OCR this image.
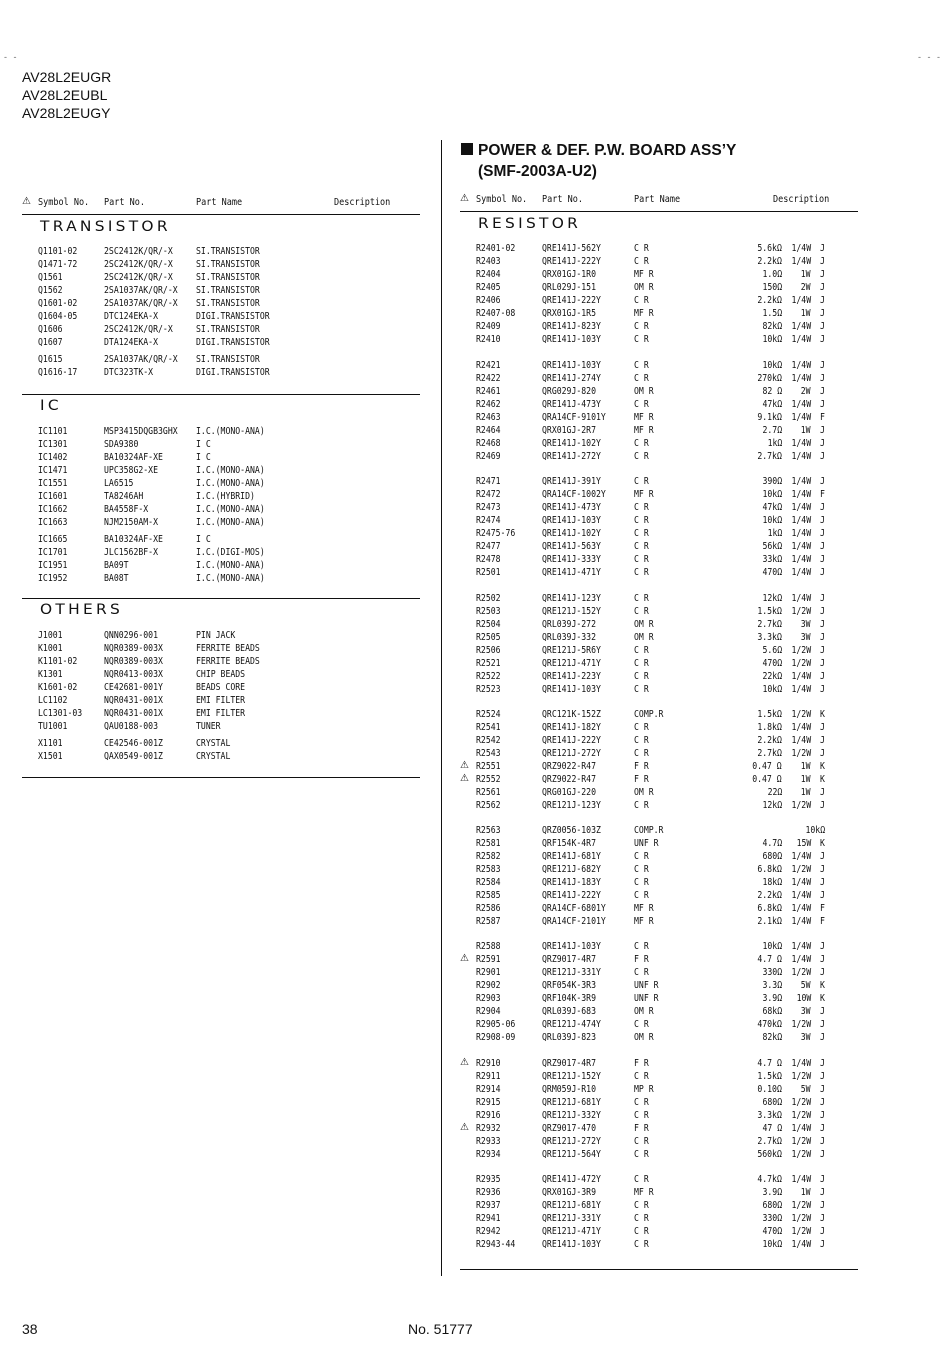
- -	- - -
AV28L2EUGR
AV28L2EUBL
AV28L2EUGY
POWER & DEF. P.W. BOARD ASS’Y
(SMF-2003A-U2)
⚠ Symbol No. Part No.	Part Name	Description
TRANSISTOR
Q1101-02	2SC2412K/QR/-X SI.TRANSISTOR
Q1471-72	2SC2412K/QR/-X SI.TRANSISTOR
Q1561	2SC2412K/QR/-X SI.TRANSISTOR
Q1562	2SA1037AK/QR/-X SI.TRANSISTOR
Q1601-02	2SA1037AK/QR/-X SI.TRANSISTOR
Q1604-05	DTC124EKA-X	DIGI.TRANSISTOR
Q1606	2SC2412K/QR/-X SI.TRANSISTOR
Q1607	DTA124EKA-X	DIGI.TRANSISTOR
Q1615	2SA1037AK/QR/-X SI.TRANSISTOR
Q1616-17	DTC323TK-X	DIGI.TRANSISTOR
IC
IC1101	MSP3415DQGB3GHX I.C.(MONO-ANA)
IC1301	SDA9380	I C
IC1402	BA10324AF-XE	I C
IC1471	UPC358G2-XE	I.C.(MONO-ANA)
IC1551	LA6515	I.C.(MONO-ANA)
IC1601	TA8246AH	I.C.(HYBRID)
IC1662	BA4558F-X	I.C.(MONO-ANA)
IC1663	NJM2150AM-X	I.C.(MONO-ANA)
IC1665	BA10324AF-XE	I C
IC1701	JLC1562BF-X	I.C.(DIGI-MOS)
IC1951	BA09T	I.C.(MONO-ANA)
IC1952	BA08T	I.C.(MONO-ANA)
OTHERS
J1001	QNN0296-001	PIN JACK
K1001	NQR0389-003X	FERRITE BEADS
K1101-02	NQR0389-003X	FERRITE BEADS
K1301	NQR0413-003X	CHIP BEADS
K1601-02	CE42681-001Y	BEADS CORE
LC1102	NQR0431-001X	EMI FILTER
LC1301-03 NQR0431-001X	EMI FILTER
TU1001	QAU0188-003	TUNER
X1101	CE42546-001Z	CRYSTAL
X1501	QAX0549-001Z	CRYSTAL
⚠ Symbol No. Part No.	Part Name	Description
RESISTOR
R2401-02	QRE141J-562Y	C R	5.6kΩ 1/4W J
R2403	QRE141J-222Y	C R	2.2kΩ 1/4W J
R2404	QRX01GJ-1R0	MF R	1.0Ω 1W J
R2405	QRL029J-151	OM R	150Ω 2W J
R2406	QRE141J-222Y	C R	2.2kΩ 1/4W J
R2407-08	QRX01GJ-1R5	MF R	1.5Ω 1W J
R2409	QRE141J-823Y	C R	82kΩ 1/4W J
R2410	QRE141J-103Y	C R	10kΩ 1/4W J
R2421	QRE141J-103Y	C R	10kΩ 1/4W J
R2422	QRE141J-274Y	C R	270kΩ 1/4W J
R2461	QRG029J-820	OM R	82 Ω 2W J
R2462	QRE141J-473Y	C R	47kΩ 1/4W J
R2463	QRA14CF-9101Y	MF R	9.1kΩ 1/4W F
R2464	QRX01GJ-2R7	MF R	2.7Ω 1W J
R2468	QRE141J-102Y	C R	1kΩ 1/4W J
R2469	QRE141J-272Y	C R	2.7kΩ 1/4W J
R2471	QRE141J-391Y	C R	390Ω 1/4W J
R2472	QRA14CF-1002Y	MF R	10kΩ 1/4W F
R2473	QRE141J-473Y	C R	47kΩ 1/4W J
R2474	QRE141J-103Y	C R	10kΩ 1/4W J
R2475-76	QRE141J-102Y	C R	1kΩ 1/4W J
R2477	QRE141J-563Y	C R	56kΩ 1/4W J
R2478	QRE141J-333Y	C R	33kΩ 1/4W J
R2501	QRE141J-471Y	C R	470Ω 1/4W J
R2502	QRE141J-123Y	C R	12kΩ 1/4W J
R2503	QRE121J-152Y	C R	1.5kΩ 1/2W J
R2504	QRL039J-272	OM R	2.7kΩ 3W J
R2505	QRL039J-332	OM R	3.3kΩ 3W J
R2506	QRE121J-5R6Y	C R	5.6Ω 1/2W J
R2521	QRE121J-471Y	C R	470Ω 1/2W J
R2522	QRE141J-223Y	C R	22kΩ 1/4W J
R2523	QRE141J-103Y	C R	10kΩ 1/4W J
R2524	QRC121K-152Z	COMP.R	1.5kΩ 1/2W K
R2541	QRE141J-182Y	C R	1.8kΩ 1/4W J
R2542	QRE141J-222Y	C R	2.2kΩ 1/4W J
R2543	QRE121J-272Y	C R	2.7kΩ 1/2W J
⚠ R2551	QRZ9022-R47	F R	0.47 Ω 1W K
⚠ R2552	QRZ9022-R47	F R	0.47 Ω 1W K
R2561	QRG01GJ-220	OM R	22Ω 1W J
R2562	QRE121J-123Y	C R	12kΩ 1/2W J
R2563	QRZ0056-103Z	COMP.R	10kΩ
R2581	QRF154K-4R7	UNF R	4.7Ω 15W K
R2582	QRE141J-681Y	C R	680Ω 1/4W J
R2583	QRE121J-682Y	C R	6.8kΩ 1/2W J
R2584	QRE141J-183Y	C R	18kΩ 1/4W J
R2585	QRE141J-222Y	C R	2.2kΩ 1/4W J
R2586	QRA14CF-6801Y	MF R	6.8kΩ 1/4W F
R2587	QRA14CF-2101Y	MF R	2.1kΩ 1/4W F
R2588	QRE141J-103Y	C R	10kΩ 1/4W J
⚠ R2591	QRZ9017-4R7	F R	4.7 Ω 1/4W J
R2901	QRE121J-331Y	C R	330Ω 1/2W J
R2902	QRF054K-3R3	UNF R	3.3Ω 5W K
R2903	QRF104K-3R9	UNF R	3.9Ω 10W K
R2904	QRL039J-683	OM R	68kΩ 3W J
R2905-06	QRE121J-474Y	C R	470kΩ 1/2W J
R2908-09	QRL039J-823	OM R	82kΩ 3W J
⚠ R2910	QRZ9017-4R7	F R	4.7 Ω 1/4W J
R2911	QRE121J-152Y	C R	1.5kΩ 1/2W J
R2914	QRM059J-R10	MP R	0.10Ω 5W J
R2915	QRE121J-681Y	C R	680Ω 1/2W J
R2916	QRE121J-332Y	C R	3.3kΩ 1/2W J
⚠ R2932	QRZ9017-470	F R	47 Ω 1/4W J
R2933	QRE121J-272Y	C R	2.7kΩ 1/2W J
R2934	QRE121J-564Y	C R	560kΩ 1/2W J
R2935	QRE141J-472Y	C R	4.7kΩ 1/4W J
R2936	QRX01GJ-3R9	MF R	3.9Ω 1W J
R2937	QRE121J-681Y	C R	680Ω 1/2W J
R2941	QRE121J-331Y	C R	330Ω 1/2W J
R2942	QRE121J-471Y	C R	470Ω 1/2W J
R2943-44	QRE141J-103Y	C R	10kΩ 1/4W J
38	No. 51777
